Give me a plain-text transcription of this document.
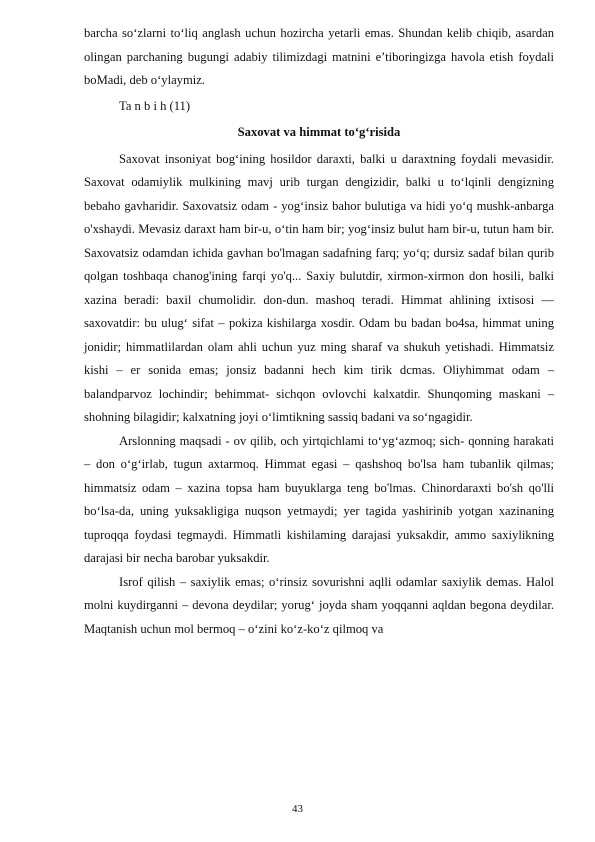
barcha so‘zlarni to‘liq anglash uchun hozircha yetarli emas. Shundan kelib chiqib, asardan olingan parchaning bugungi adabiy tilimizdagi matnini e’tiboringizga havola etish foydali boMadi, deb o‘ylaymiz.

Ta n b i h (11)

Saxovat va himmat to‘g‘risida

Saxovat insoniyat bog‘ining hosildor daraxti, balki u daraxtning foydali mevasidir. Saxovat odamiylik mulkining mavj urib turgan dengizidir, balki u to‘lqinli dengizning bebaho gavharidir. Saxovatsiz odam - yog‘insiz bahor bulutiga va hidi yo‘q mushk-anbarga o'xshaydi. Mevasiz daraxt ham bir-u, o‘tin ham bir; yog‘insiz bulut ham bir-u, tutun ham bir. Saxovatsiz odamdan ichida gavhan bo'lmagan sadafning farq; yo‘q; dursiz sadaf bilan qurib qolgan toshbaqa chanog'ining farqi yo'q... Saxiy bulutdir, xirmon-xirmon don hosili, balki xazina beradi: baxil chumolidir. don-dun. mashoq teradi. Himmat ahlining ixtisosi — saxovatdir: bu ulug‘ sifat – pokiza kishilarga xosdir. Odam bu badan bo4sa, himmat uning jonidir; himmatlilardan olam ahli uchun yuz ming sharaf va shukuh yetishadi. Himmatsiz kishi – er sonida emas; jonsiz badanni hech kim tirik dcmas. Oliyhimmat odam – balandparvoz lochindir; behimmat- sichqon ovlovchi kalxatdir. Shunqoming maskani – shohning bilagidir; kalxatning joyi o‘limtikning sassiq badani va so‘ngagidir.

Arslonning maqsadi - ov qilib, och yirtqichlami to‘yg‘azmoq; sich- qonning harakati – don o‘g‘irlab, tugun axtarmoq. Himmat egasi – qashshoq bo'lsa ham tubanlik qilmas; himmatsiz odam – xazina topsa ham buyuklarga teng bo'lmas. Chinordaraxti bo'sh qo'lli bo‘lsa-da, uning yuksakligiga nuqson yetmaydi; yer tagida yashirinib yotgan xazinaning tuproqqa foydasi tegmaydi. Himmatli kishilaming darajasi yuksakdir, ammo saxiylikning darajasi bir necha barobar yuksakdir.

Isrof qilish – saxiylik emas; o‘rinsiz sovurishni aqlli odamlar saxiylik demas. Halol molni kuydirganni – devona deydilar; yorug‘ joyda sham yoqqanni aqldan begona deydilar. Maqtanish uchun mol bermoq – o‘zini ko‘z-ko‘z qilmoq va

43
